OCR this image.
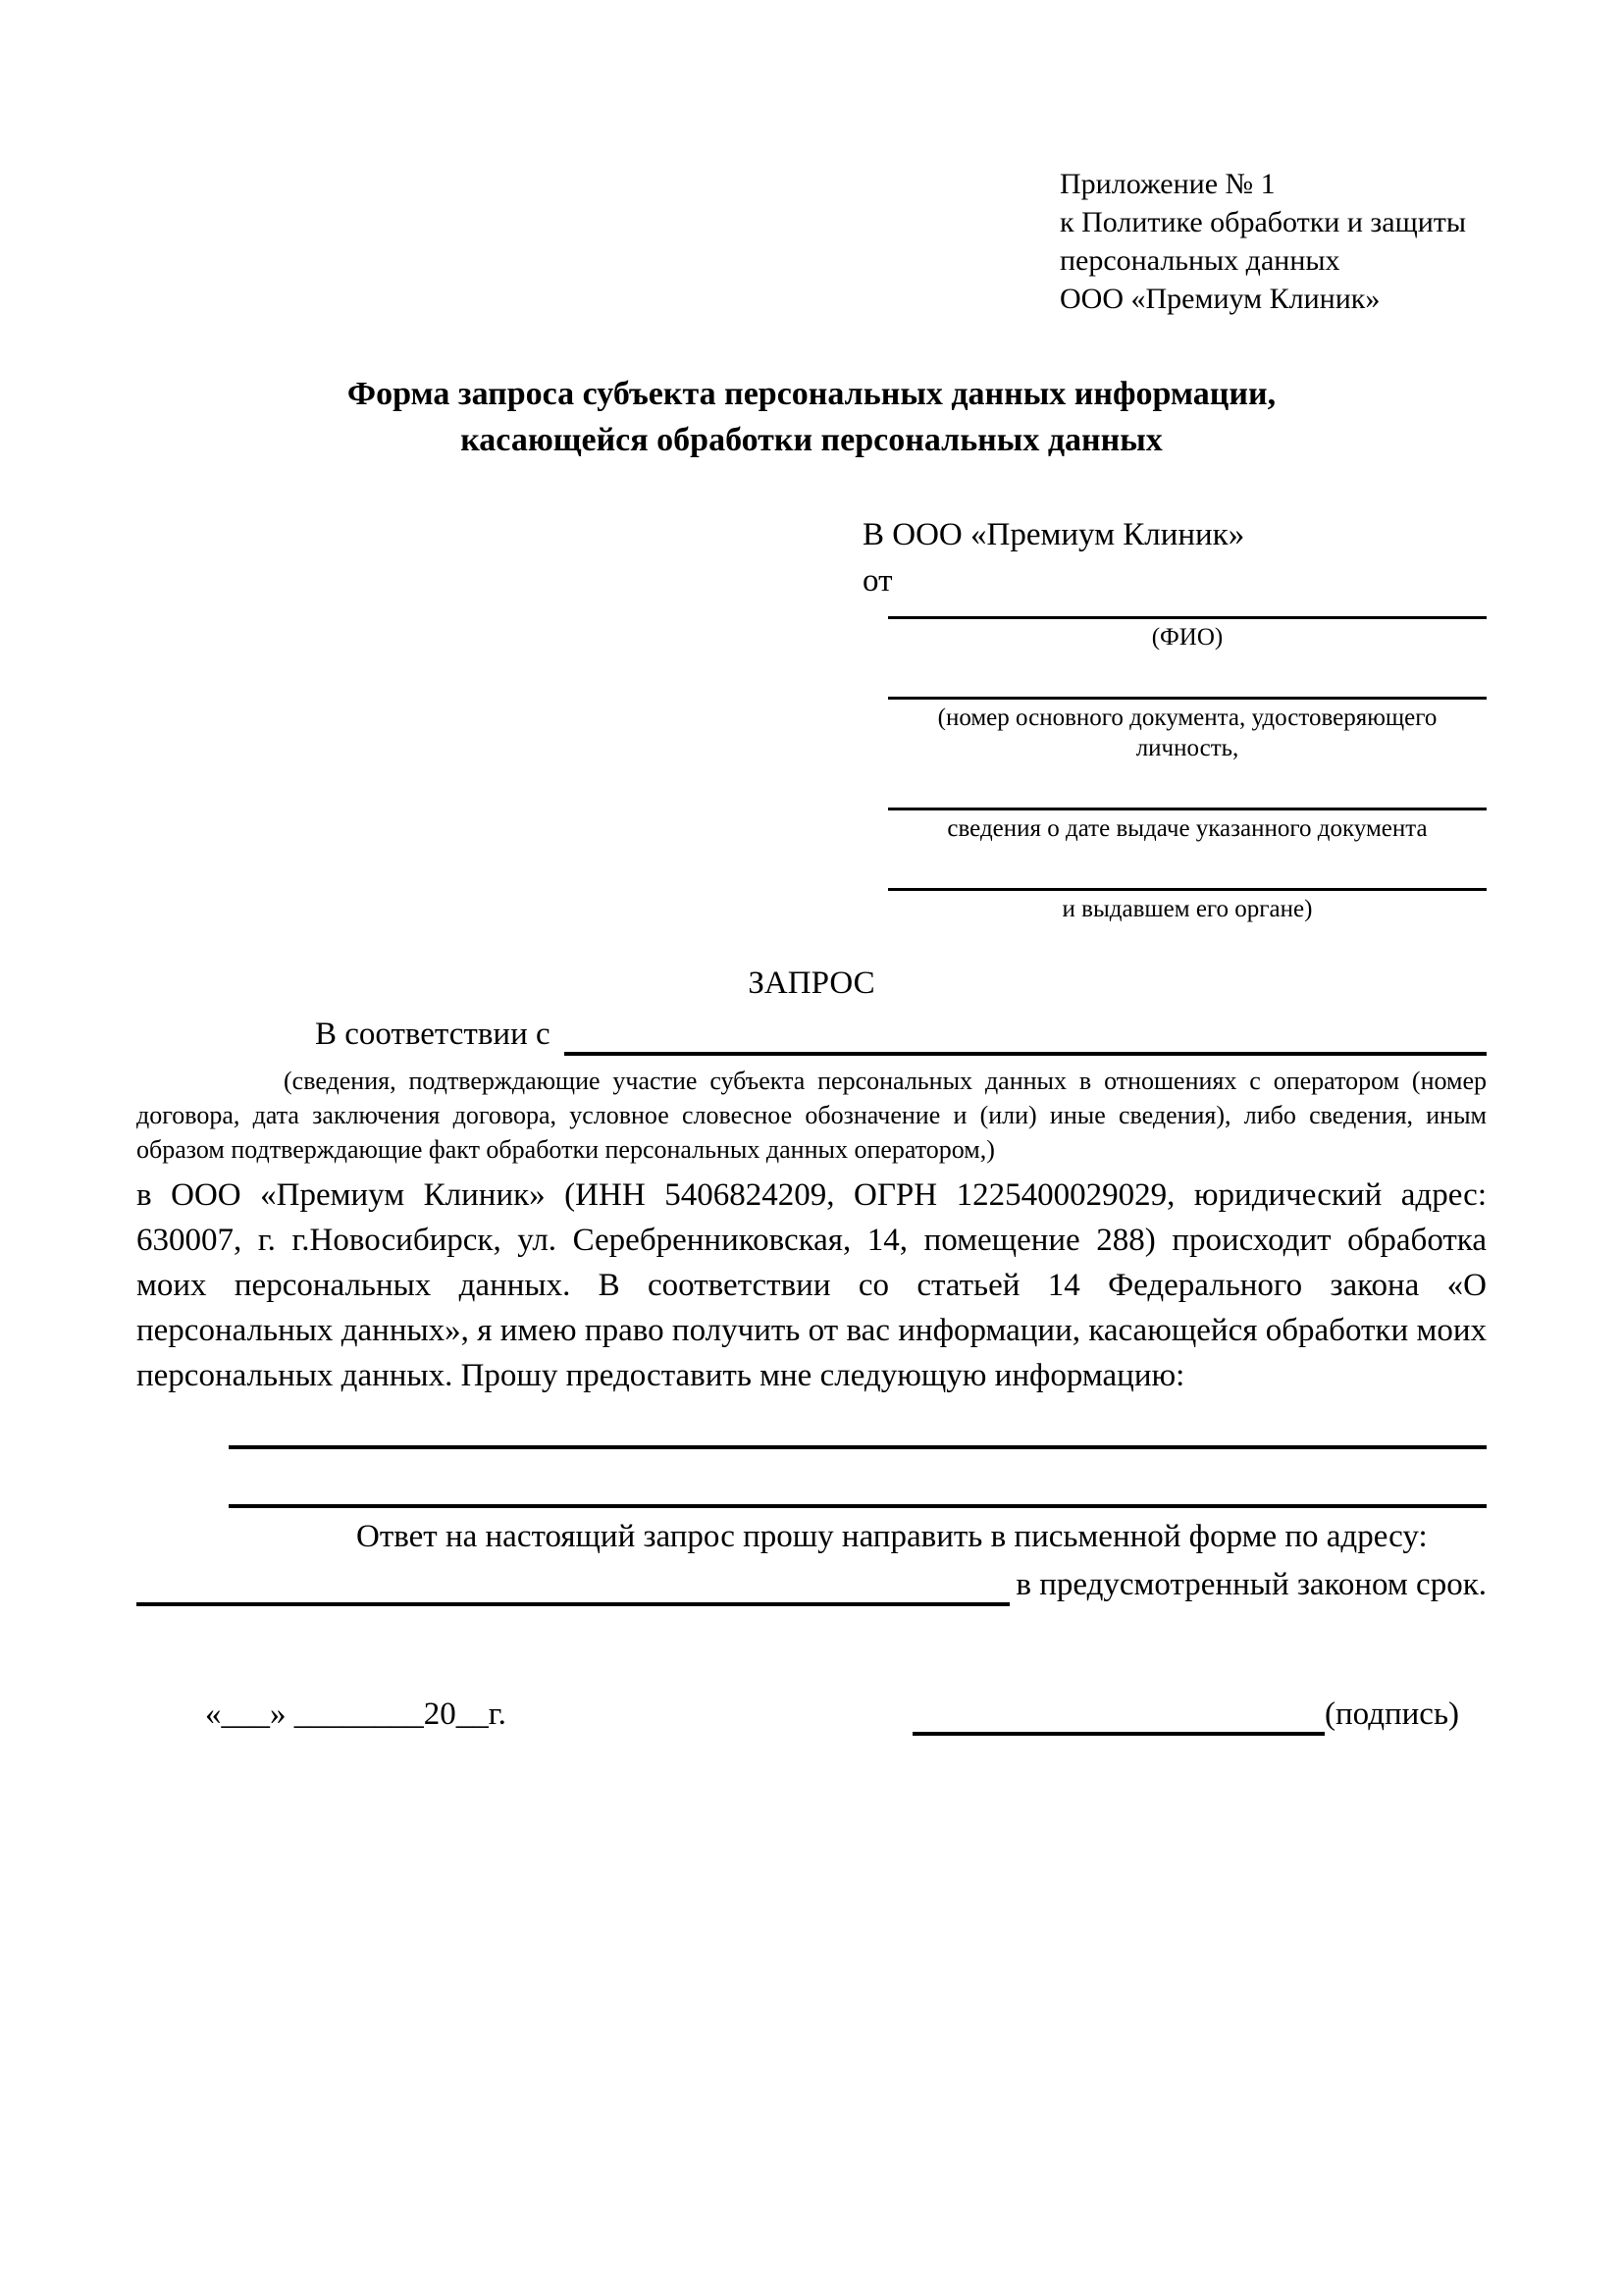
Приложение № 1
к Политике обработки и защиты
персональных данных
ООО «Премиум Клиник»
Форма запроса субъекта персональных данных информации,
касающейся обработки персональных данных
В ООО «Премиум Клиник»
от
(ФИО)
(номер основного документа, удостоверяющего личность,
сведения о дате выдаче указанного документа
и выдавшем его органе)
ЗАПРОС
В соответствии с

(сведения, подтверждающие участие субъекта персональных данных в отношениях с оператором (номер договора, дата заключения договора, условное словесное обозначение и (или) иные сведения), либо сведения, иным образом подтверждающие факт обработки персональных данных оператором,)

в ООО «Премиум Клиник» (ИНН 5406824209, ОГРН 1225400029029, юридический адрес: 630007, г. г.Новосибирск, ул. Серебренниковская, 14, помещение 288) происходит обработка моих персональных данных. В соответствии со статьей 14 Федерального закона «О персональных данных», я имею право получить от вас информации, касающейся обработки моих персональных данных. Прошу предоставить мне следующую информацию:

Ответ на настоящий запрос прошу направить в письменной форме по адресу:

в предусмотренный законом срок.
«___» ________20__г.	(подпись)
